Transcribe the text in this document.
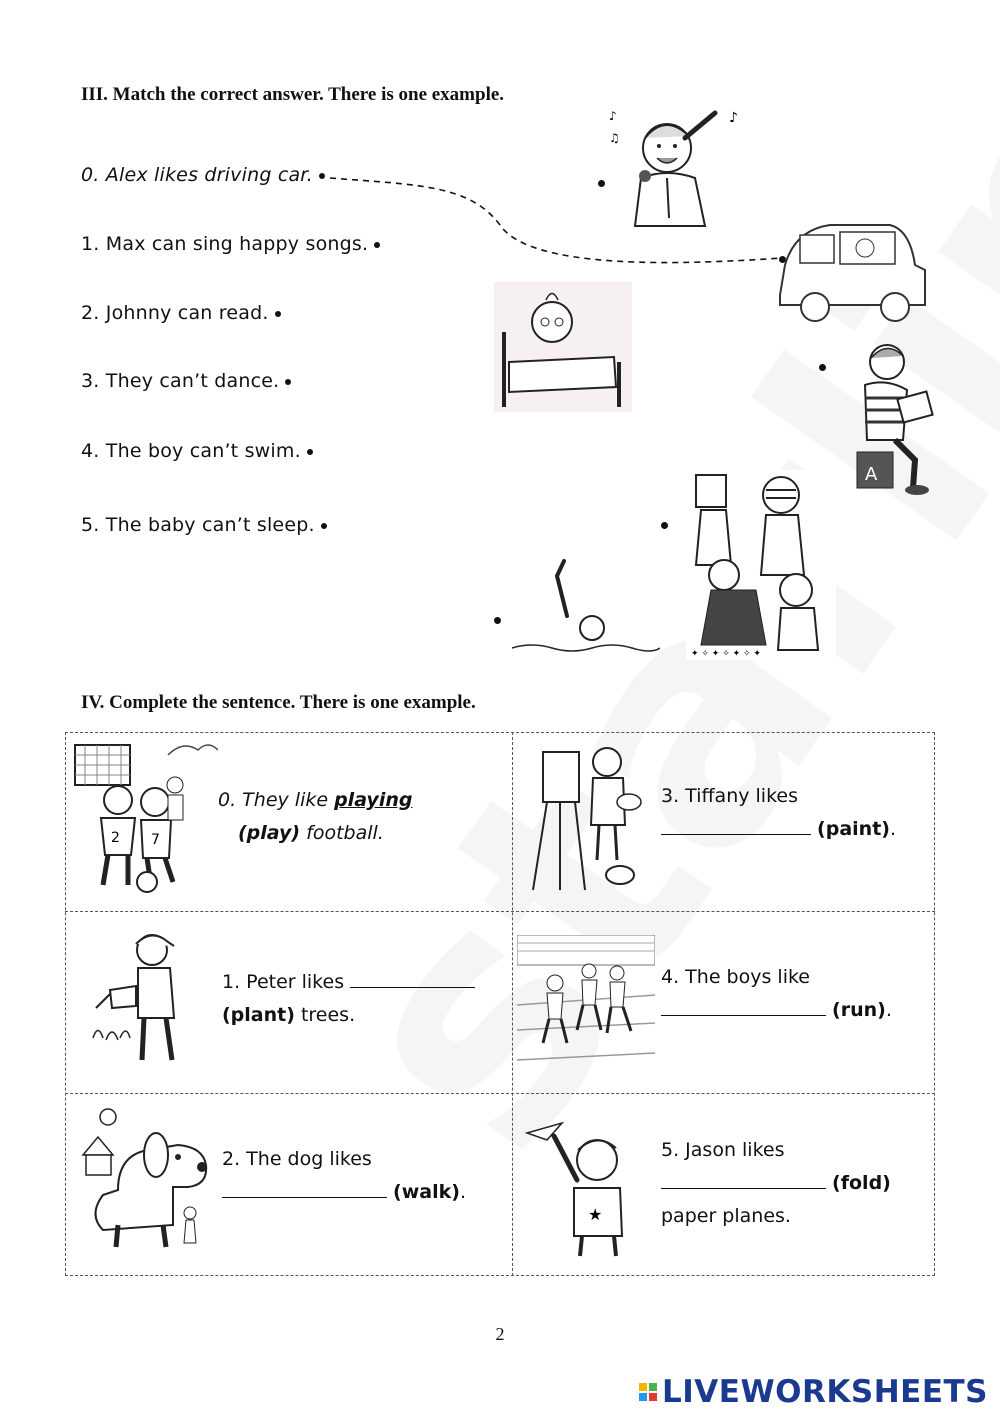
III. Match the correct answer. There is one example.
0. Alex likes driving car.
1. Max can sing happy songs.
2. Johnny can read.
3. They can’t dance.
4. The boy can’t swim.
5. The baby can’t sleep.
♪
♫
♪
A
✦ ✧ ✦ ✧ ✦ ✧ ✦
IV. Complete the sentence. There is one example.
2 7
0. They like playing
(play) football.
3. Tiffany likes
(paint).
1. Peter likes
(plant) trees.
4. The boys like
(run).
2. The dog likes
(walk).
★
5. Jason likes
(fold)
paper planes.
2
LIVEWORKSHEETS
